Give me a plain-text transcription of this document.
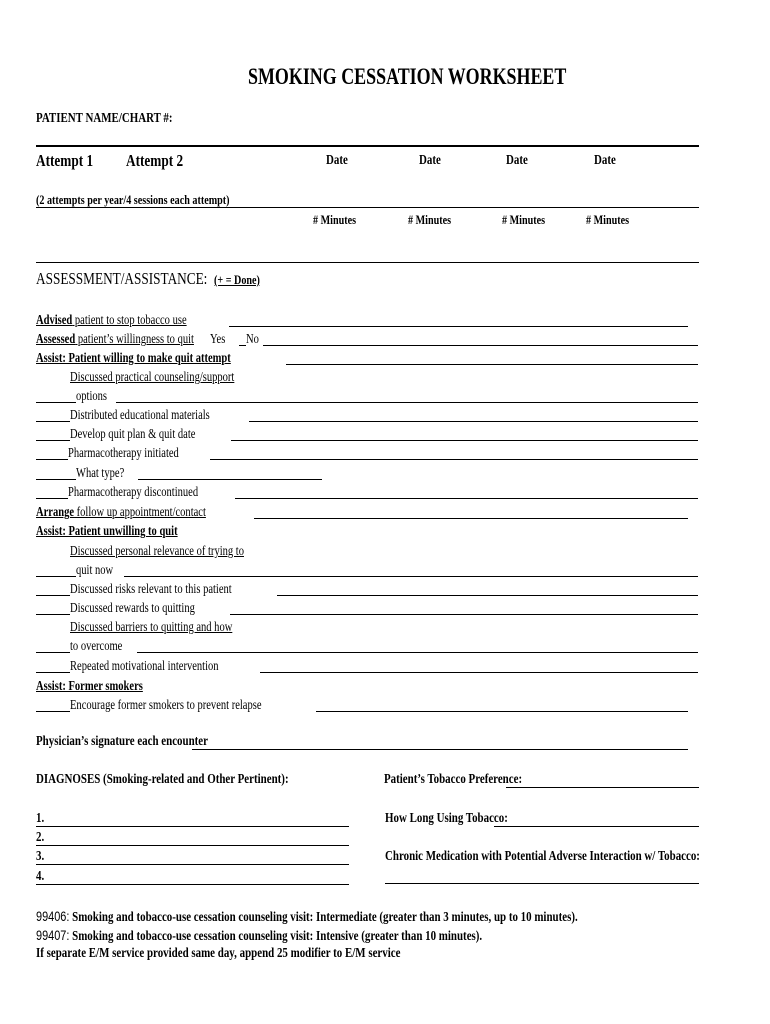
SMOKING CESSATION WORKSHEET
PATIENT NAME/CHART #:
Attempt 1	Attempt 2	Date	Date	Date	Date
(2 attempts per year/4 sessions each attempt)
# Minutes	# Minutes	# Minutes	# Minutes
ASSESSMENT/ASSISTANCE: (+ = Done)
Advised patient to stop tobacco use
Assessed patient’s willingness to quit	Yes	No
Assist: Patient willing to make quit attempt
Discussed practical counseling/support
options
Distributed educational materials
Develop quit plan & quit date
Pharmacotherapy initiated
What type?
Pharmacotherapy discontinued
Arrange follow up appointment/contact
Assist: Patient unwilling to quit
Discussed personal relevance of trying to
quit now
Discussed risks relevant to this patient
Discussed rewards to quitting
Discussed barriers to quitting and how
to overcome
Repeated motivational intervention
Assist: Former smokers
Encourage former smokers to prevent relapse
Physician’s signature each encounter
DIAGNOSES (Smoking-related and Other Pertinent):	Patient’s Tobacco Preference:
1.
2.
3.
4.
How Long Using Tobacco:
Chronic Medication with Potential Adverse Interaction w/ Tobacco:
99406: Smoking and tobacco-use cessation counseling visit: Intermediate (greater than 3 minutes, up to 10 minutes).
99407: Smoking and tobacco-use cessation counseling visit: Intensive (greater than 10 minutes).
If separate E/M service provided same day, append 25 modifier to E/M service
